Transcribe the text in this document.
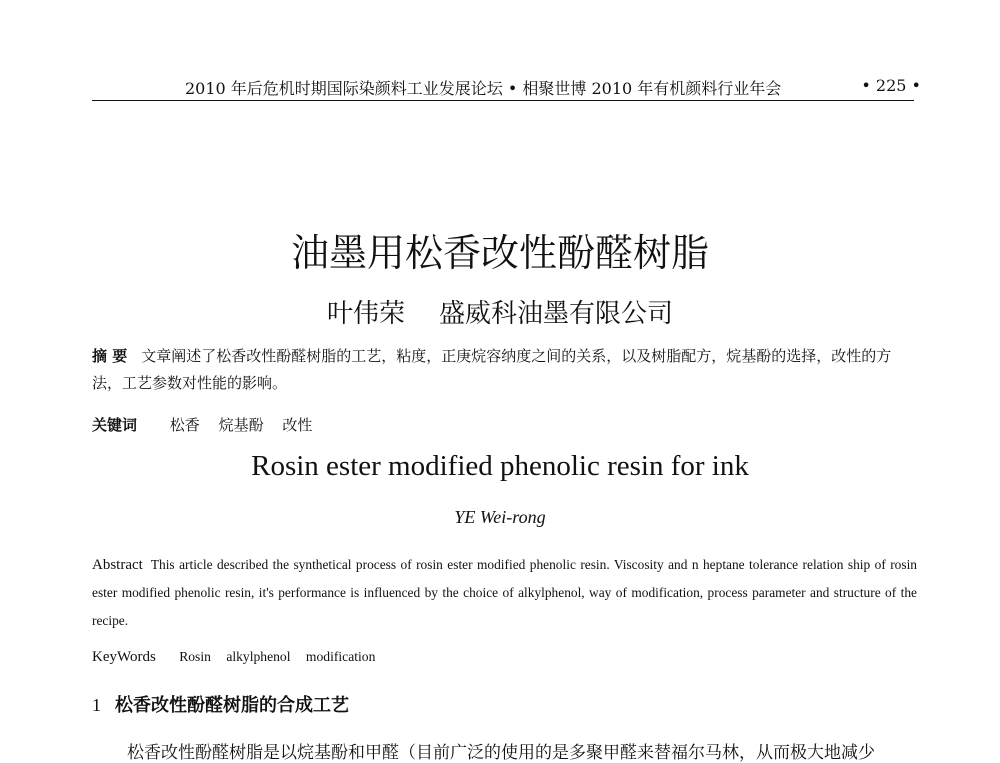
2010 年后危机时期国际染颜料工业发展论坛 • 相聚世博 2010 年有机颜料行业年会	• 225 •
油墨用松香改性酚醛树脂
叶伟荣 盛威科油墨有限公司
摘 要 文章阐述了松香改性酚醛树脂的工艺，粘度，正庚烷容纳度之间的关系，以及树脂配方，烷基酚的选择，改性的方法，工艺参数对性能的影响。
关键词 松香 烷基酚 改性
Rosin ester modified phenolic resin for ink
YE Wei-rong
Abstract This article described the synthetical process of rosin ester modified phenolic resin. Viscosity and n heptane tolerance relation ship of rosin ester modified phenolic resin, it's performance is influenced by the choice of alkylphenol, way of modification, process parameter and structure of the recipe.
KeyWords Rosin alkylphenol modification
1 松香改性酚醛树脂的合成工艺
松香改性酚醛树脂是以烷基酚和甲醛（目前广泛的使用的是多聚甲醛来替福尔马林，从而极大地减少
